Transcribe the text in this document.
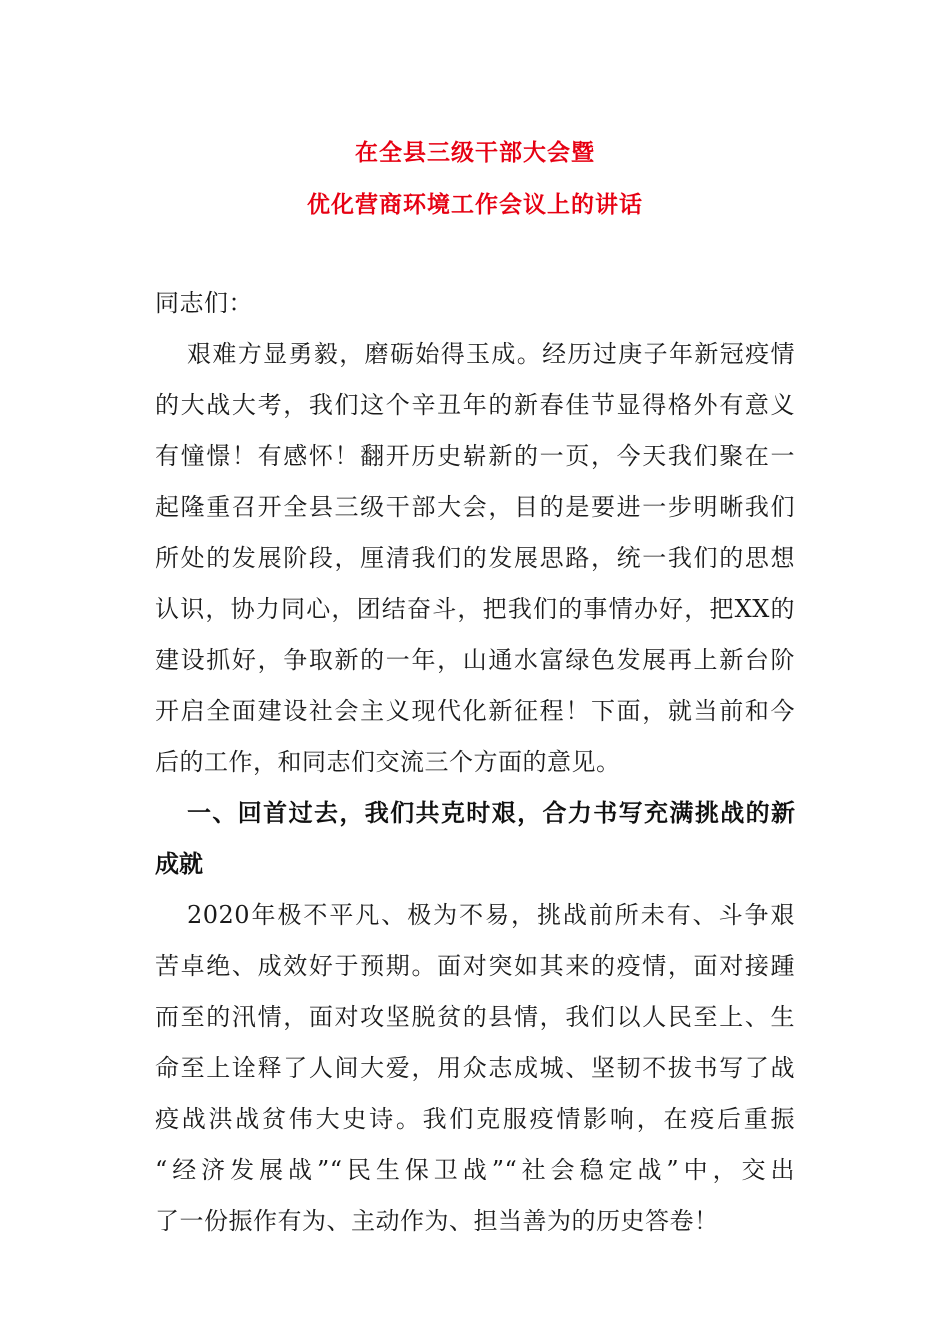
在全县三级干部大会暨
优化营商环境工作会议上的讲话
同志们：
艰难方显勇毅，磨砺始得玉成。经历过庚子年新冠疫情
的大战大考，我们这个辛丑年的新春佳节显得格外有意义
有憧憬！有感怀！翻开历史崭新的一页，今天我们聚在一
起隆重召开全县三级干部大会，目的是要进一步明晰我们
所处的发展阶段，厘清我们的发展思路，统一我们的思想
认识，协力同心，团结奋斗，把我们的事情办好，把XX的
建设抓好，争取新的一年，山通水富绿色发展再上新台阶
开启全面建设社会主义现代化新征程！下面，就当前和今
后的工作，和同志们交流三个方面的意见。
一、回首过去，我们共克时艰，合力书写充满挑战的新
成就
2020年极不平凡、极为不易，挑战前所未有、斗争艰
苦卓绝、成效好于预期。面对突如其来的疫情，面对接踵
而至的汛情，面对攻坚脱贫的县情，我们以人民至上、生
命至上诠释了人间大爱，用众志成城、坚韧不拔书写了战
疫战洪战贫伟大史诗。我们克服疫情影响，在疫后重振
“经济发展战”“民生保卫战”“社会稳定战”中，交出
了一份振作有为、主动作为、担当善为的历史答卷！
